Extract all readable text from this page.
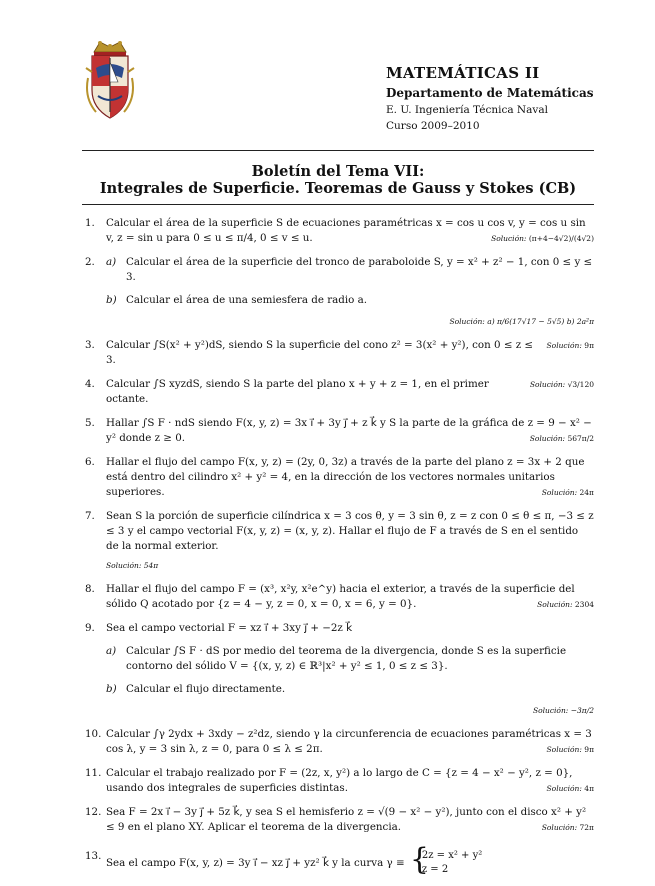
MATEMÁTICAS II
Departamento de Matemáticas
E. U. Ingeniería Técnica Naval
Curso 2009–2010
Boletín del Tema VII:
Integrales de Superficie. Teoremas de Gauss y Stokes (CB)
1. Calcular el área de la superficie S de ecuaciones paramétricas x = cos u cos v, y = cos u sin v, z = sin u para 0 ≤ u ≤ π/4, 0 ≤ v ≤ u.	Solución: (π+4−4√2)/(4√2)
2. a) Calcular el área de la superficie del tronco de paraboloide S, y = x² + z² − 1, con 0 ≤ y ≤ 3.
b) Calcular el área de una semiesfera de radio a.
Solución: a) π/6(17√17 − 5√5) b) 2a²π
3.	Solución: 9π
Calcular ∫S(x² + y²)dS, siendo S la superficie del cono z² = 3(x² + y²), con 0 ≤ z ≤ 3.
4.	Solución: √3/120
Calcular ∫S xyzdS, siendo S la parte del plano x + y + z = 1, en el primer octante.
5. Hallar ∫S F · ndS siendo F(x, y, z) = 3x i⃗ + 3y j⃗ + z k⃗ y S la parte de la gráfica de z = 9 − x² − y² donde z ≥ 0.	Solución: 567π/2
6. Hallar el flujo del campo F(x, y, z) = (2y, 0, 3z) a través de la parte del plano z = 3x + 2 que está dentro del cilindro x² + y² = 4, en la dirección de los vectores normales unitarios superiores.	Solución: 24π
7. Sean S la porción de superficie cilíndrica x = 3 cos θ, y = 3 sin θ, z = z con 0 ≤ θ ≤ π, −3 ≤ z ≤ 3 y el campo vectorial F(x, y, z) = (x, y, z). Hallar el flujo de F a través de S en el sentido de la normal exterior.
Solución: 54π
8. Hallar el flujo del campo F = (x³, x²y, x²e^y) hacia el exterior, a través de la superficie del sólido Q acotado por {z = 4 − y, z = 0, x = 0, x = 6, y = 0}.	Solución: 2304
9. Sea el campo vectorial F = xz i⃗ + 3xy j⃗ + −2z k⃗
a) Calcular ∫S F · dS por medio del teorema de la divergencia, donde S es la superficie contorno del sólido V = {(x, y, z) ∈ ℝ³|x² + y² ≤ 1, 0 ≤ z ≤ 3}.
b) Calcular el flujo directamente.
Solución: −3π/2
10. Calcular ∫γ 2ydx + 3xdy − z²dz, siendo γ la circunferencia de ecuaciones paramétricas x = 3 cos λ, y = 3 sin λ, z = 0, para 0 ≤ λ ≤ 2π.	Solución: 9π
11. Calcular el trabajo realizado por F = (2z, x, y²) a lo largo de C = {z = 4 − x² − y², z = 0}, usando dos integrales de superficies distintas.	Solución: 4π
12. Sea F = 2x i⃗ − 3y j⃗ + 5z k⃗, y sea S el hemisferio z = √(9 − x² − y²), junto con el disco x² + y² ≤ 9 en el plano XY. Aplicar el teorema de la divergencia.	Solución: 72π
13.
Sea el campo F(x, y, z) = 3y i⃗ − xz j⃗ + yz² k⃗ y la curva γ ≡ {
2z = x² + y²
z = 2
